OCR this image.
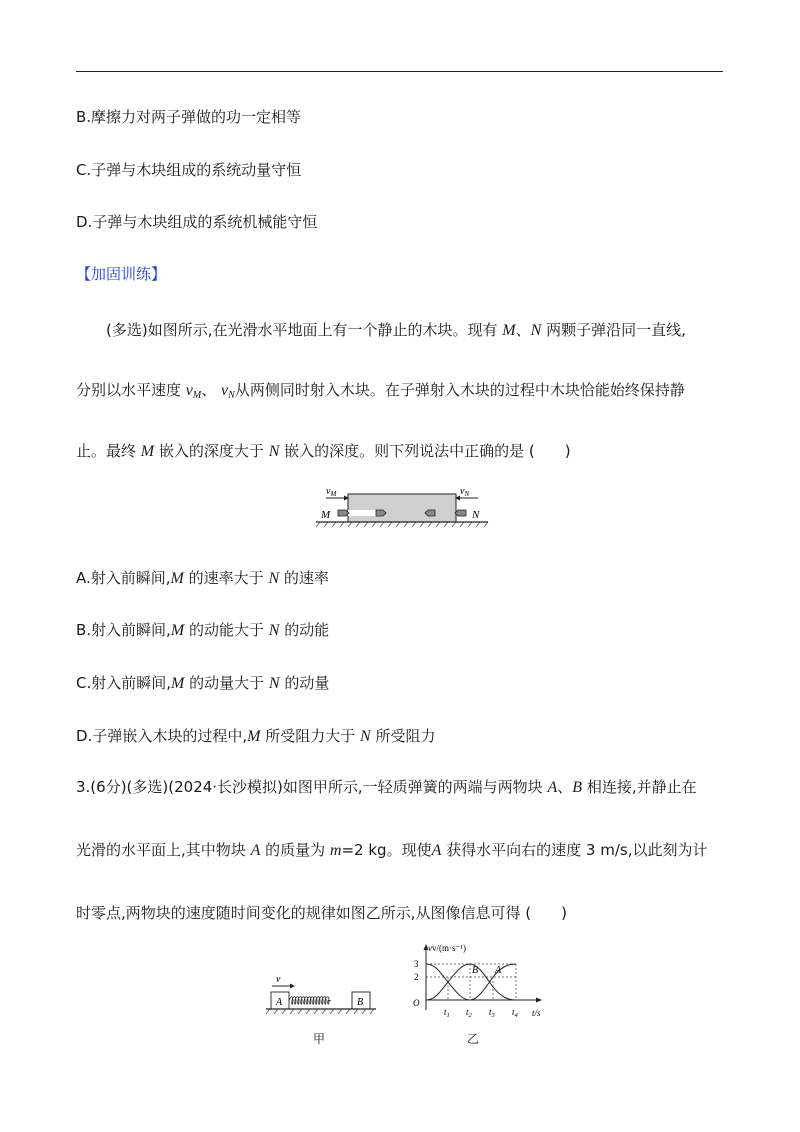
B.摩擦力对两子弹做的功一定相等
C.子弹与木块组成的系统动量守恒
D.子弹与木块组成的系统机械能守恒
【加固训练】
(多选)如图所示,在光滑水平地面上有一个静止的木块。现有 M、N 两颗子弹沿同一直线,
分别以水平速度 $v_M$、 $v_N$从两侧同时射入木块。在子弹射入木块的过程中木块恰能始终保持静
止。最终 M 嵌入的深度大于 N 嵌入的深度。则下列说法中正确的是 (　　)
$v_M$	$v_N$
M	N
A.射入前瞬间,M 的速率大于 N 的速率
B.射入前瞬间,M 的动能大于 N 的动能
C.射入前瞬间,M 的动量大于 N 的动量
D.子弹嵌入木块的过程中,M 所受阻力大于 N 所受阻力
3.(6分)(多选)(2024·长沙模拟)如图甲所示,一轻质弹簧的两端与两物块 A、B 相连接,并静止在
光滑的水平面上,其中物块 A 的质量为 m=2 kg。现使A 获得水平向右的速度 3 m/s,以此刻为计
时零点,两物块的速度随时间变化的规律如图乙所示,从图像信息可得 (　　)
v
A	B
甲
vv/(m·s⁻¹)
3
2
O
B A
$t_1$ $t_2$ $t_3$ $t_4$ t/s
乙
